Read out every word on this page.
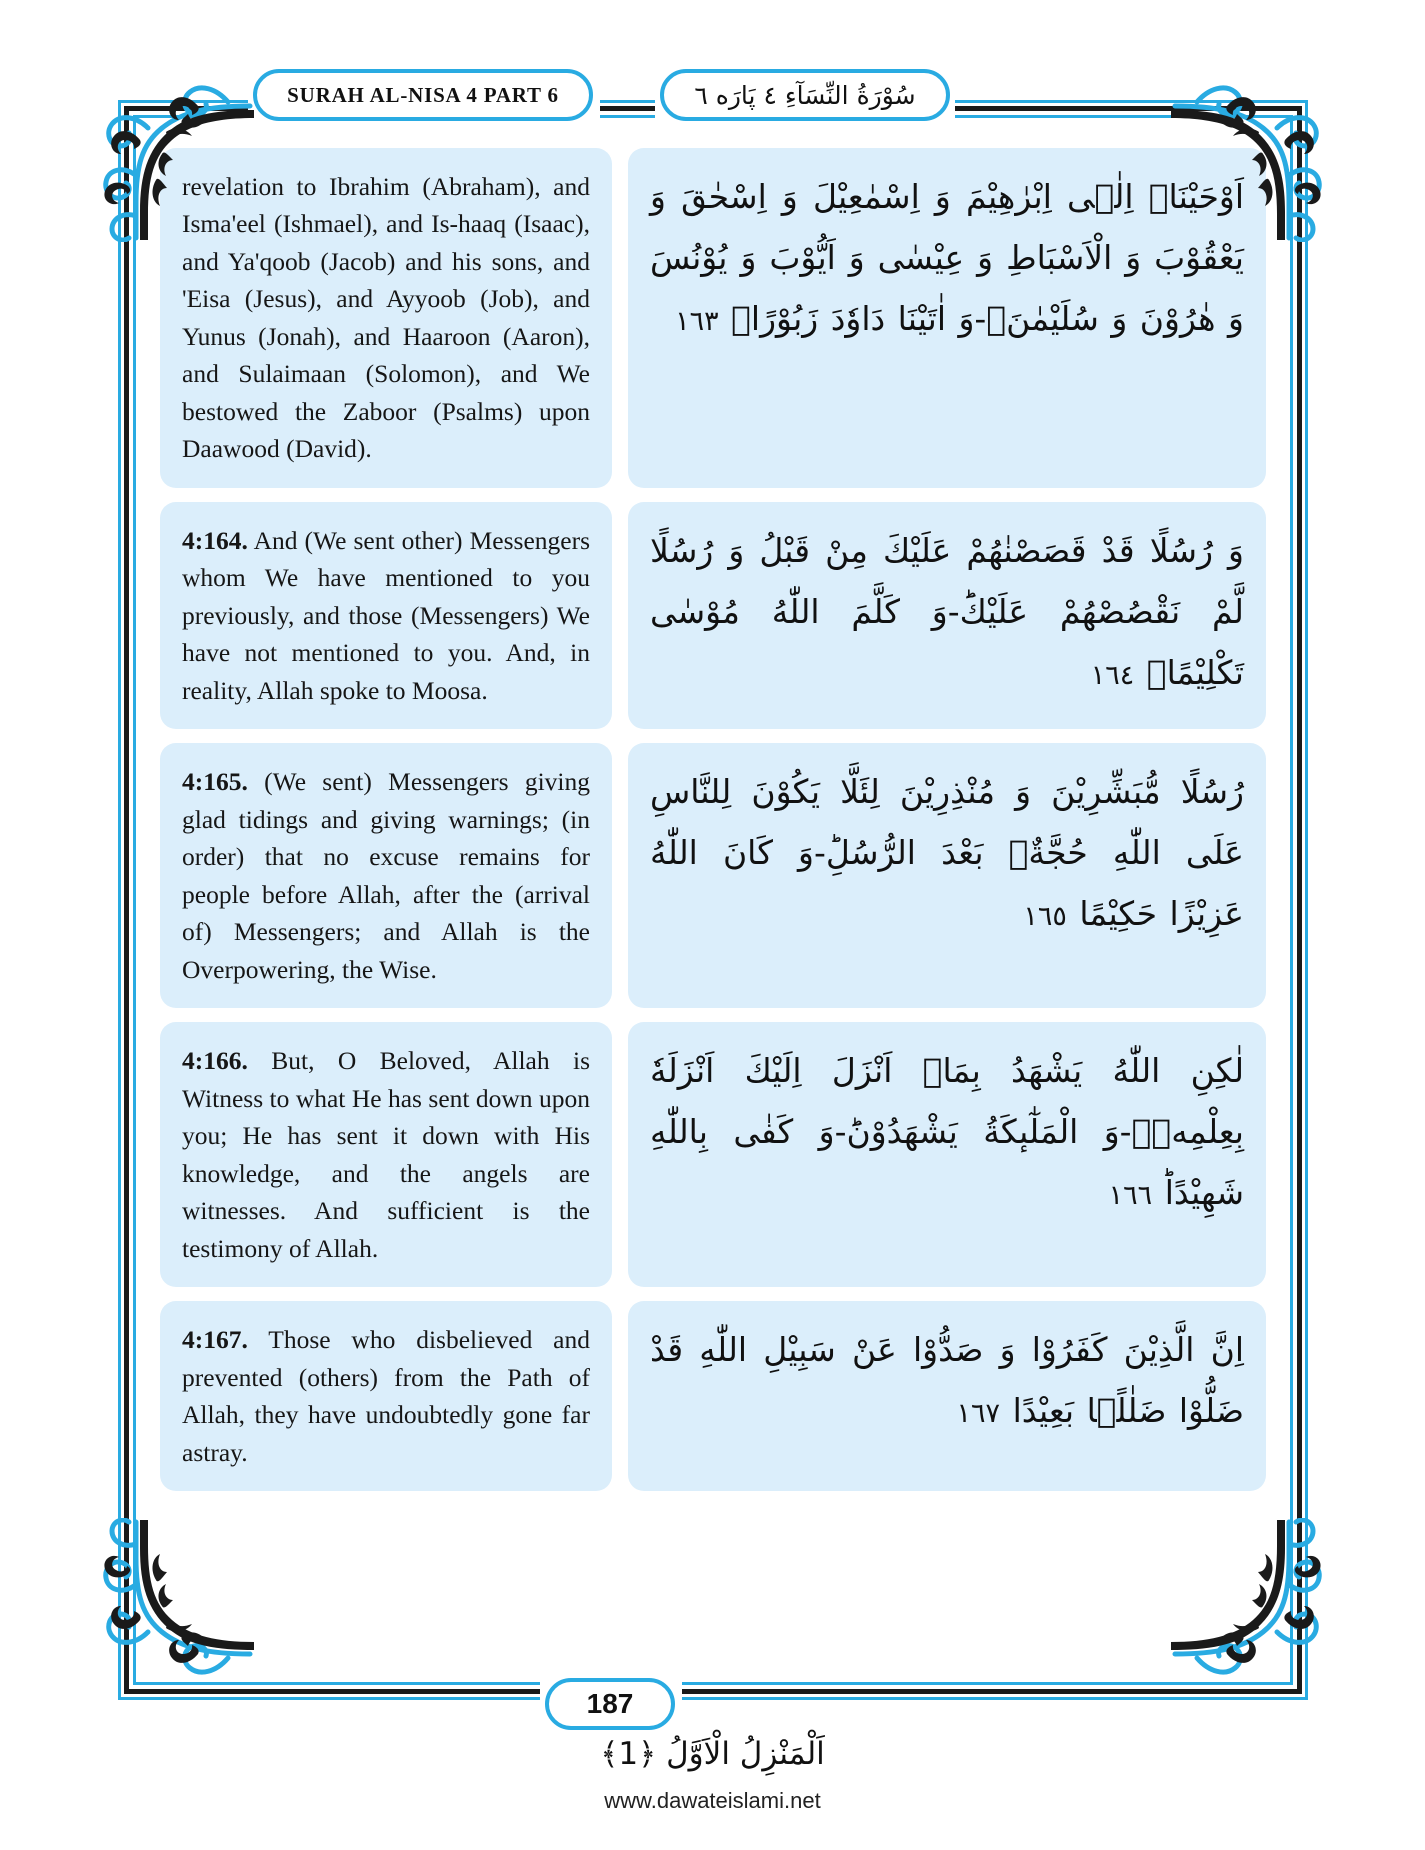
SURAH AL-NISA 4 PART 6	سُوْرَةُ النِّسَآءِ ٤ پَارَه ٦

revelation to Ibrahim (Abraham), and Isma'eel (Ishmael), and Is-haaq (Isaac), and Ya'qoob (Jacob) and his sons, and 'Eisa (Jesus), and Ayyoob (Job), and Yunus (Jonah), and Haaroon (Aaron), and Sulaimaan (Solomon), and We bestowed the Zaboor (Psalms) upon Daawood (David).

اَوْحَيْنَاۤ اِلٰۤى اِبْرٰهِیْمَ وَ اِسْمٰعِیْلَ وَ اِسْحٰقَ وَ یَعْقُوْبَ وَ الْاَسْبَاطِ وَ عِیْسٰى وَ اَیُّوْبَ وَ یُوْنُسَ وَ هٰرُوْنَ وَ سُلَیْمٰنَۚ-وَ اٰتَیْنَا دَاوٗدَ زَبُوْرًاۚ ١٦٣

4:164. And (We sent other) Messengers whom We have mentioned to you previously, and those (Messengers) We have not mentioned to you. And, in reality, Allah spoke to Moosa.

وَ رُسُلًا قَدْ قَصَصْنٰهُمْ عَلَیْكَ مِنْ قَبْلُ وَ رُسُلًا لَّمْ نَقْصُصْهُمْ عَلَیْكَؕ-وَ كَلَّمَ اللّٰهُ مُوْسٰى تَكْلِیْمًاۚ ١٦٤

4:165. (We sent) Messengers giving glad tidings and giving warnings; (in order) that no excuse remains for people before Allah, after the (arrival of) Messengers; and Allah is the Overpowering, the Wise.

رُسُلًا مُّبَشِّرِیْنَ وَ مُنْذِرِیْنَ لِئَلَّا یَكُوْنَ لِلنَّاسِ عَلَى اللّٰهِ حُجَّةٌۢ بَعْدَ الرُّسُلِؕ-وَ كَانَ اللّٰهُ عَزِیْزًا حَكِیْمًا ١٦٥

4:166. But, O Beloved, Allah is Witness to what He has sent down upon you; He has sent it down with His knowledge, and the angels are witnesses. And sufficient is the testimony of Allah.

لٰكِنِ اللّٰهُ یَشْهَدُ بِمَاۤ اَنْزَلَ اِلَیْكَ اَنْزَلَهٗ بِعِلْمِهٖۚ-وَ الْمَلٰٓىٕكَةُ یَشْهَدُوْنَؕ-وَ كَفٰى بِاللّٰهِ شَهِیْدًاؕ ١٦٦

4:167. Those who disbelieved and prevented (others) from the Path of Allah, they have undoubtedly gone far astray.

اِنَّ الَّذِیْنَ كَفَرُوْا وَ صَدُّوْا عَنْ سَبِیْلِ اللّٰهِ قَدْ ضَلُّوْا ضَلٰلًۢا بَعِیْدًا ١٦٧

187
اَلْمَنْزِلُ الْاَوَّلُ ﴿1﴾
www.dawateislami.net
